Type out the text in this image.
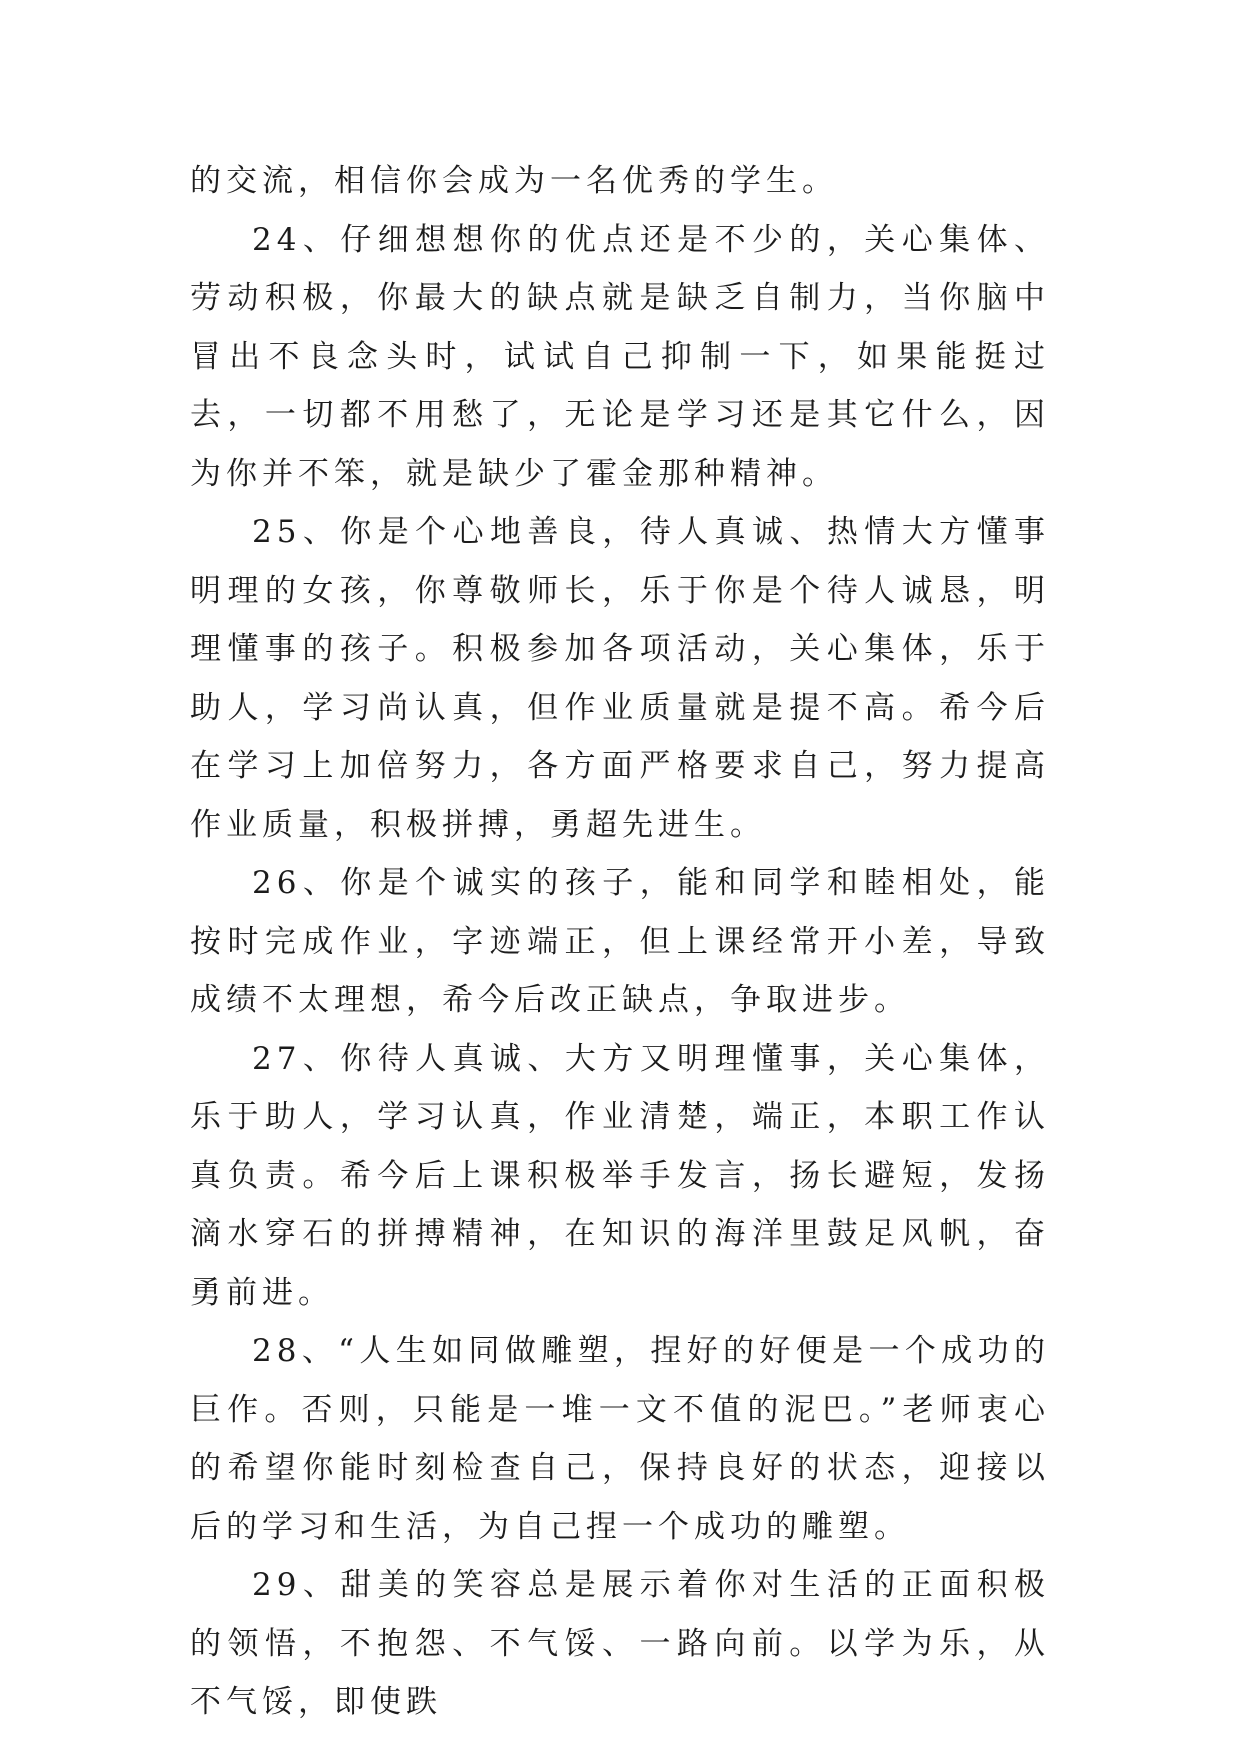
的交流，相信你会成为一名优秀的学生。

24、仔细想想你的优点还是不少的，关心集体、劳动积极，你最大的缺点就是缺乏自制力，当你脑中冒出不良念头时，试试自己抑制一下，如果能挺过去，一切都不用愁了，无论是学习还是其它什么，因为你并不笨，就是缺少了霍金那种精神。

25、你是个心地善良，待人真诚、热情大方懂事明理的女孩，你尊敬师长，乐于你是个待人诚恳，明理懂事的孩子。积极参加各项活动，关心集体，乐于助人，学习尚认真，但作业质量就是提不高。希今后在学习上加倍努力，各方面严格要求自己，努力提高作业质量，积极拼搏，勇超先进生。

26、你是个诚实的孩子，能和同学和睦相处，能按时完成作业，字迹端正，但上课经常开小差，导致成绩不太理想，希今后改正缺点，争取进步。

27、你待人真诚、大方又明理懂事，关心集体，乐于助人，学习认真，作业清楚，端正，本职工作认真负责。希今后上课积极举手发言，扬长避短，发扬滴水穿石的拼搏精神，在知识的海洋里鼓足风帆，奋勇前进。

28、“人生如同做雕塑，捏好的好便是一个成功的巨作。否则，只能是一堆一文不值的泥巴。”老师衷心的希望你能时刻检查自己，保持良好的状态，迎接以后的学习和生活，为自己捏一个成功的雕塑。

29、甜美的笑容总是展示着你对生活的正面积极的领悟，不抱怨、不气馁、一路向前。以学为乐，从不气馁，即使跌
